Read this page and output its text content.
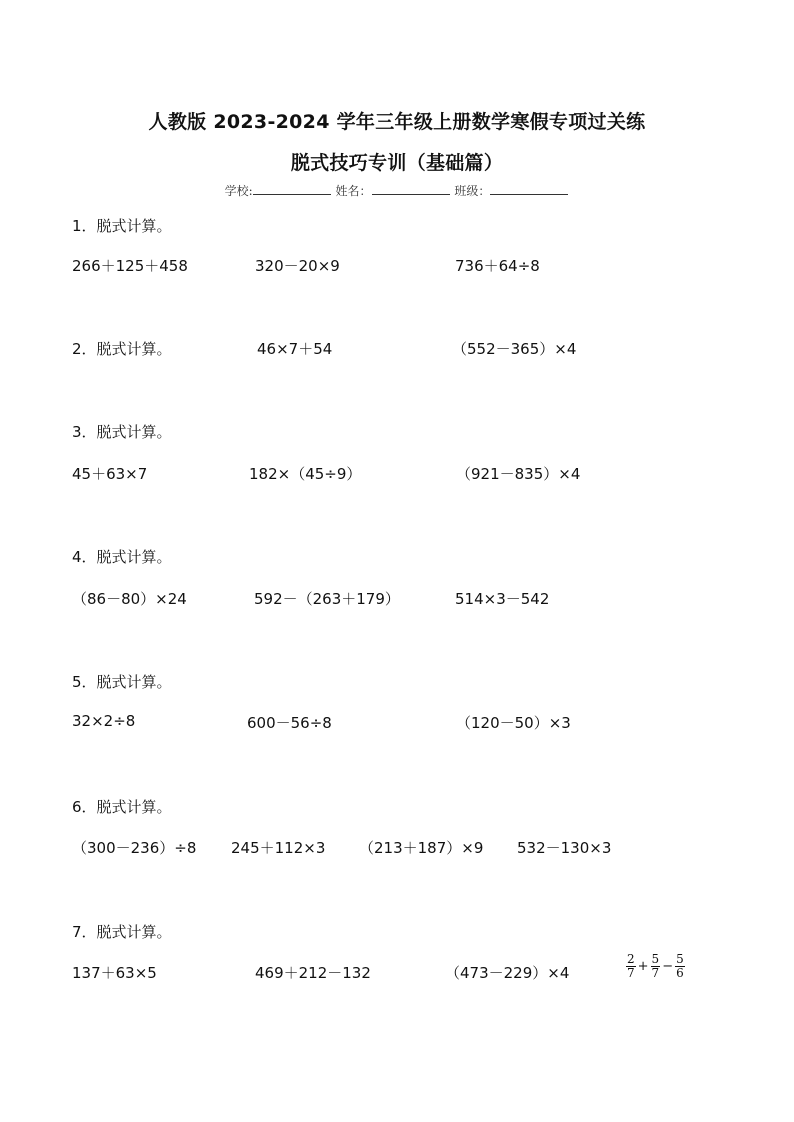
人教版 2023-2024 学年三年级上册数学寒假专项过关练
脱式技巧专训（基础篇）
学校:	姓名：	班级：
1．脱式计算。
266＋125＋458	320－20×9	736＋64÷8
2．脱式计算。	46×7＋54	（552－365）×4
3．脱式计算。
45＋63×7	182×（45÷9）	（921－835）×4
4．脱式计算。
（86－80）×24	592－（263＋179）	514×3－542
5．脱式计算。
32×2÷8	600－56÷8	（120－50）×3
6．脱式计算。
（300－236）÷8 245＋112×3 （213＋187）×9 532－130×3
7．脱式计算。
137＋63×5	469＋212－132	（473－229）×4	$\frac{2}{7} + \frac{5}{7} - \frac{5}{6}$
